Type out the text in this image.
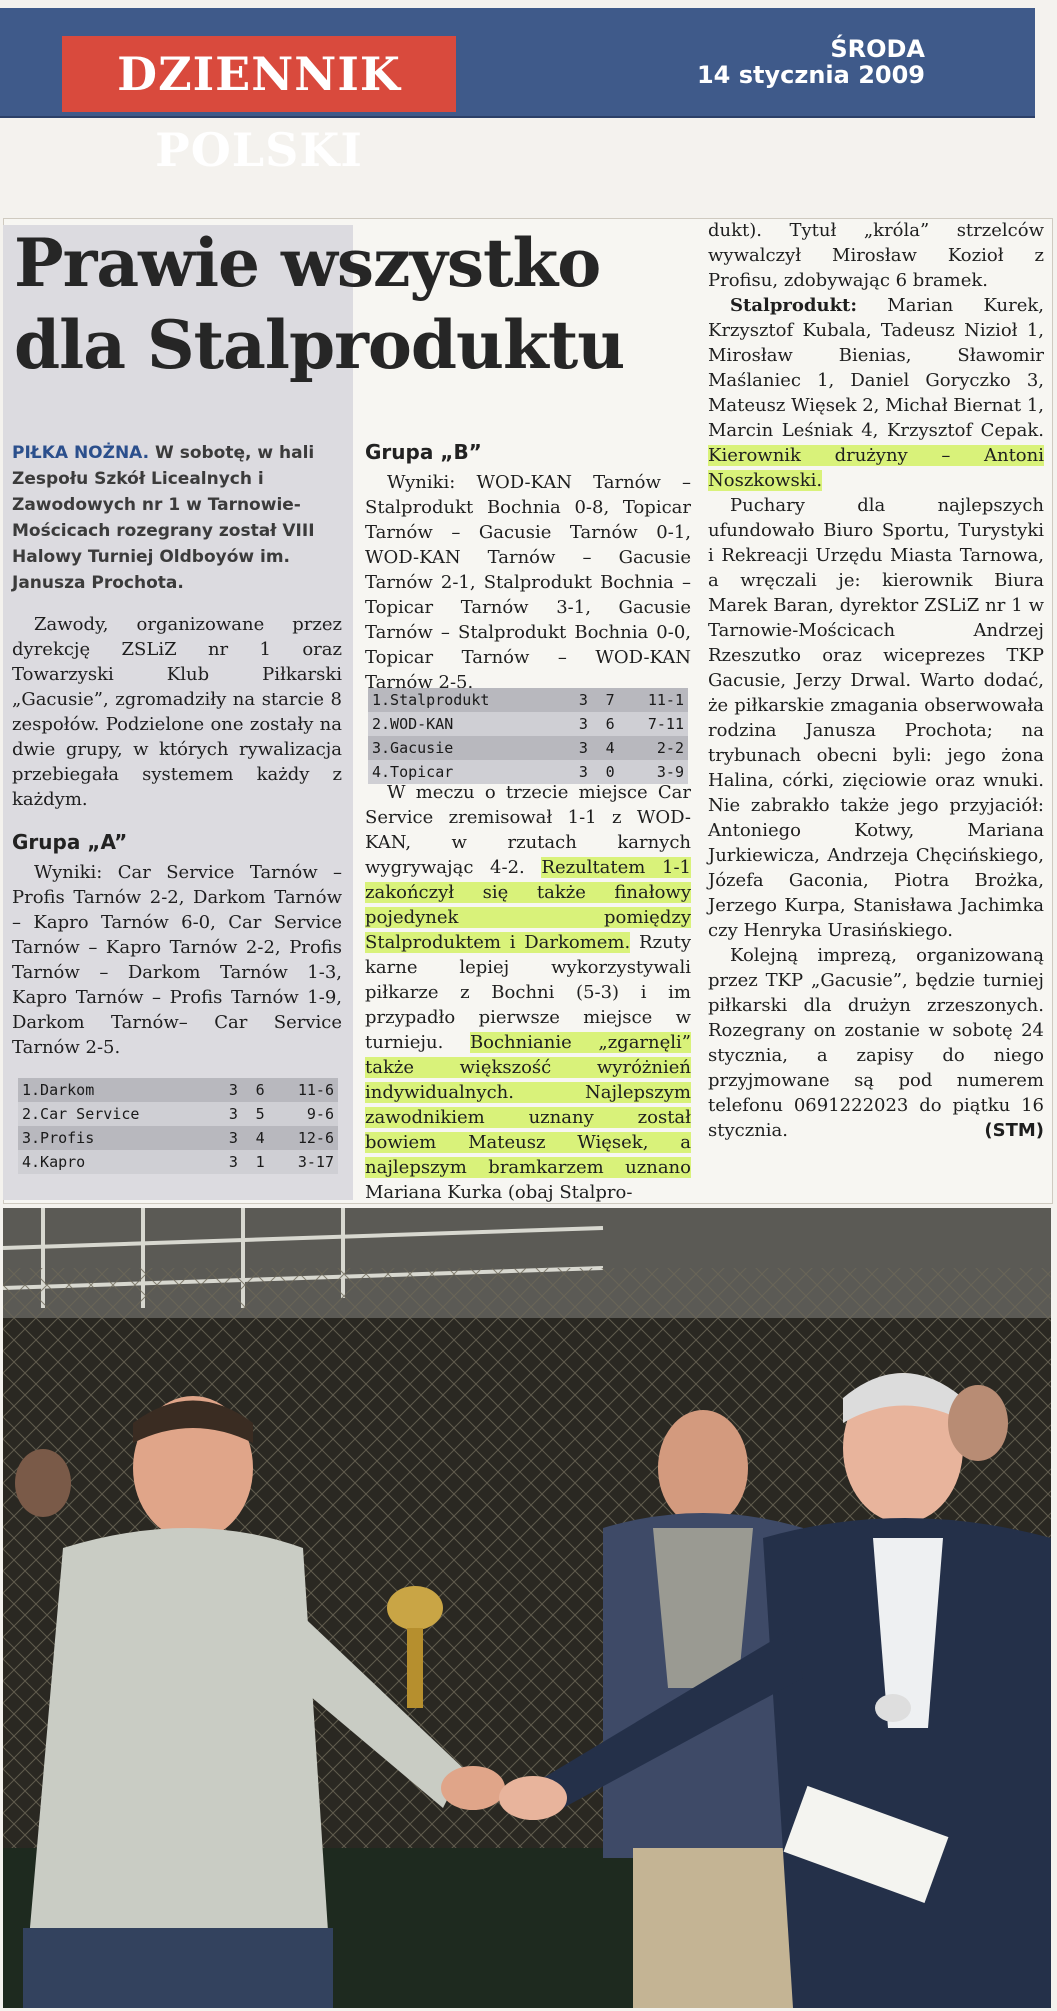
DZIENNIK POLSKI
ŚRODA
14 stycznia 2009
Prawie wszystko dla Stalproduktu
PIŁKA NOŻNA. W sobotę, w hali Zespołu Szkół Licealnych i Zawodowych nr 1 w Tarnowie-Mościcach rozegrany został VIII Halowy Turniej Oldboyów im. Janusza Prochota.
Zawody, organizowane przez dyrekcję ZSLiZ nr 1 oraz Towarzyski Klub Piłkarski „Gacusie”, zgromadziły na starcie 8 zespołów. Podzielone one zostały na dwie grupy, w których rywalizacja przebiegała systemem każdy z każdym.
Grupa „A”
Wyniki: Car Service Tarnów – Profis Tarnów 2-2, Darkom Tarnów – Kapro Tarnów 6-0, Car Service Tarnów – Kapro Tarnów 2-2, Profis Tarnów – Darkom Tarnów 1-3, Kapro Tarnów – Profis Tarnów 1-9, Darkom Tarnów– Car Service Tarnów 2-5.
1.Darkom	3	6	11-6
2.Car Service	3	5	9-6
3.Profis	3	4	12-6
4.Kapro	3	1	3-17
Grupa „B”
Wyniki: WOD-KAN Tarnów – Stalprodukt Bochnia 0-8, Topicar Tarnów – Gacusie Tarnów 0-1, WOD-KAN Tarnów – Gacusie Tarnów 2-1, Stalprodukt Bochnia – Topicar Tarnów 3-1, Gacusie Tarnów – Stalprodukt Bochnia 0-0, Topicar Tarnów – WOD-KAN Tarnów 2-5.
1.Stalprodukt	3	7	11-1
2.WOD-KAN	3	6	7-11
3.Gacusie	3	4	2-2
4.Topicar	3	0	3-9
W meczu o trzecie miejsce Car Service zremisował 1-1 z WOD-KAN, w rzutach karnych wygrywając 4-2. Rezultatem 1-1 zakończył się także finałowy pojedynek pomiędzy Stalproduktem i Darkomem. Rzuty karne lepiej wykorzystywali piłkarze z Bochni (5-3) i im przypadło pierwsze miejsce w turnieju. Bochnianie „zgarnęli” także większość wyróżnień indywidualnych. Najlepszym zawodnikiem uznany został bowiem Mateusz Więsek, a najlepszym bramkarzem uznano Mariana Kurka (obaj Stalpro-
dukt). Tytuł „króla” strzelców wywalczył Mirosław Kozioł z Profisu, zdobywając 6 bramek.
Stalprodukt: Marian Kurek, Krzysztof Kubala, Tadeusz Nizioł 1, Mirosław Bienias, Sławomir Maślaniec 1, Daniel Goryczko 3, Mateusz Więsek 2, Michał Biernat 1, Marcin Leśniak 4, Krzysztof Cepak. Kierownik drużyny – Antoni Noszkowski.
Puchary dla najlepszych ufundowało Biuro Sportu, Turystyki i Rekreacji Urzędu Miasta Tarnowa, a wręczali je: kierownik Biura Marek Baran, dyrektor ZSLiZ nr 1 w Tarnowie-Mościcach Andrzej Rzeszutko oraz wiceprezes TKP Gacusie, Jerzy Drwal. Warto dodać, że piłkarskie zmagania obserwowała rodzina Janusza Prochota; na trybunach obecni byli: jego żona Halina, córki, zięciowie oraz wnuki. Nie zabrakło także jego przyjaciół: Antoniego Kotwy, Mariana Jurkiewicza, Andrzeja Chęcińskiego, Józefa Gaconia, Piotra Brożka, Jerzego Kurpa, Stanisława Jachimka czy Henryka Urasińskiego.
Kolejną imprezą, organizowaną przez TKP „Gacusie”, będzie turniej piłkarski dla drużyn zrzeszonych. Rozegrany on zostanie w sobotę 24 stycznia, a zapisy do niego przyjmowane są pod numerem telefonu 0691222023 do piątku 16 stycznia.	(STM)
